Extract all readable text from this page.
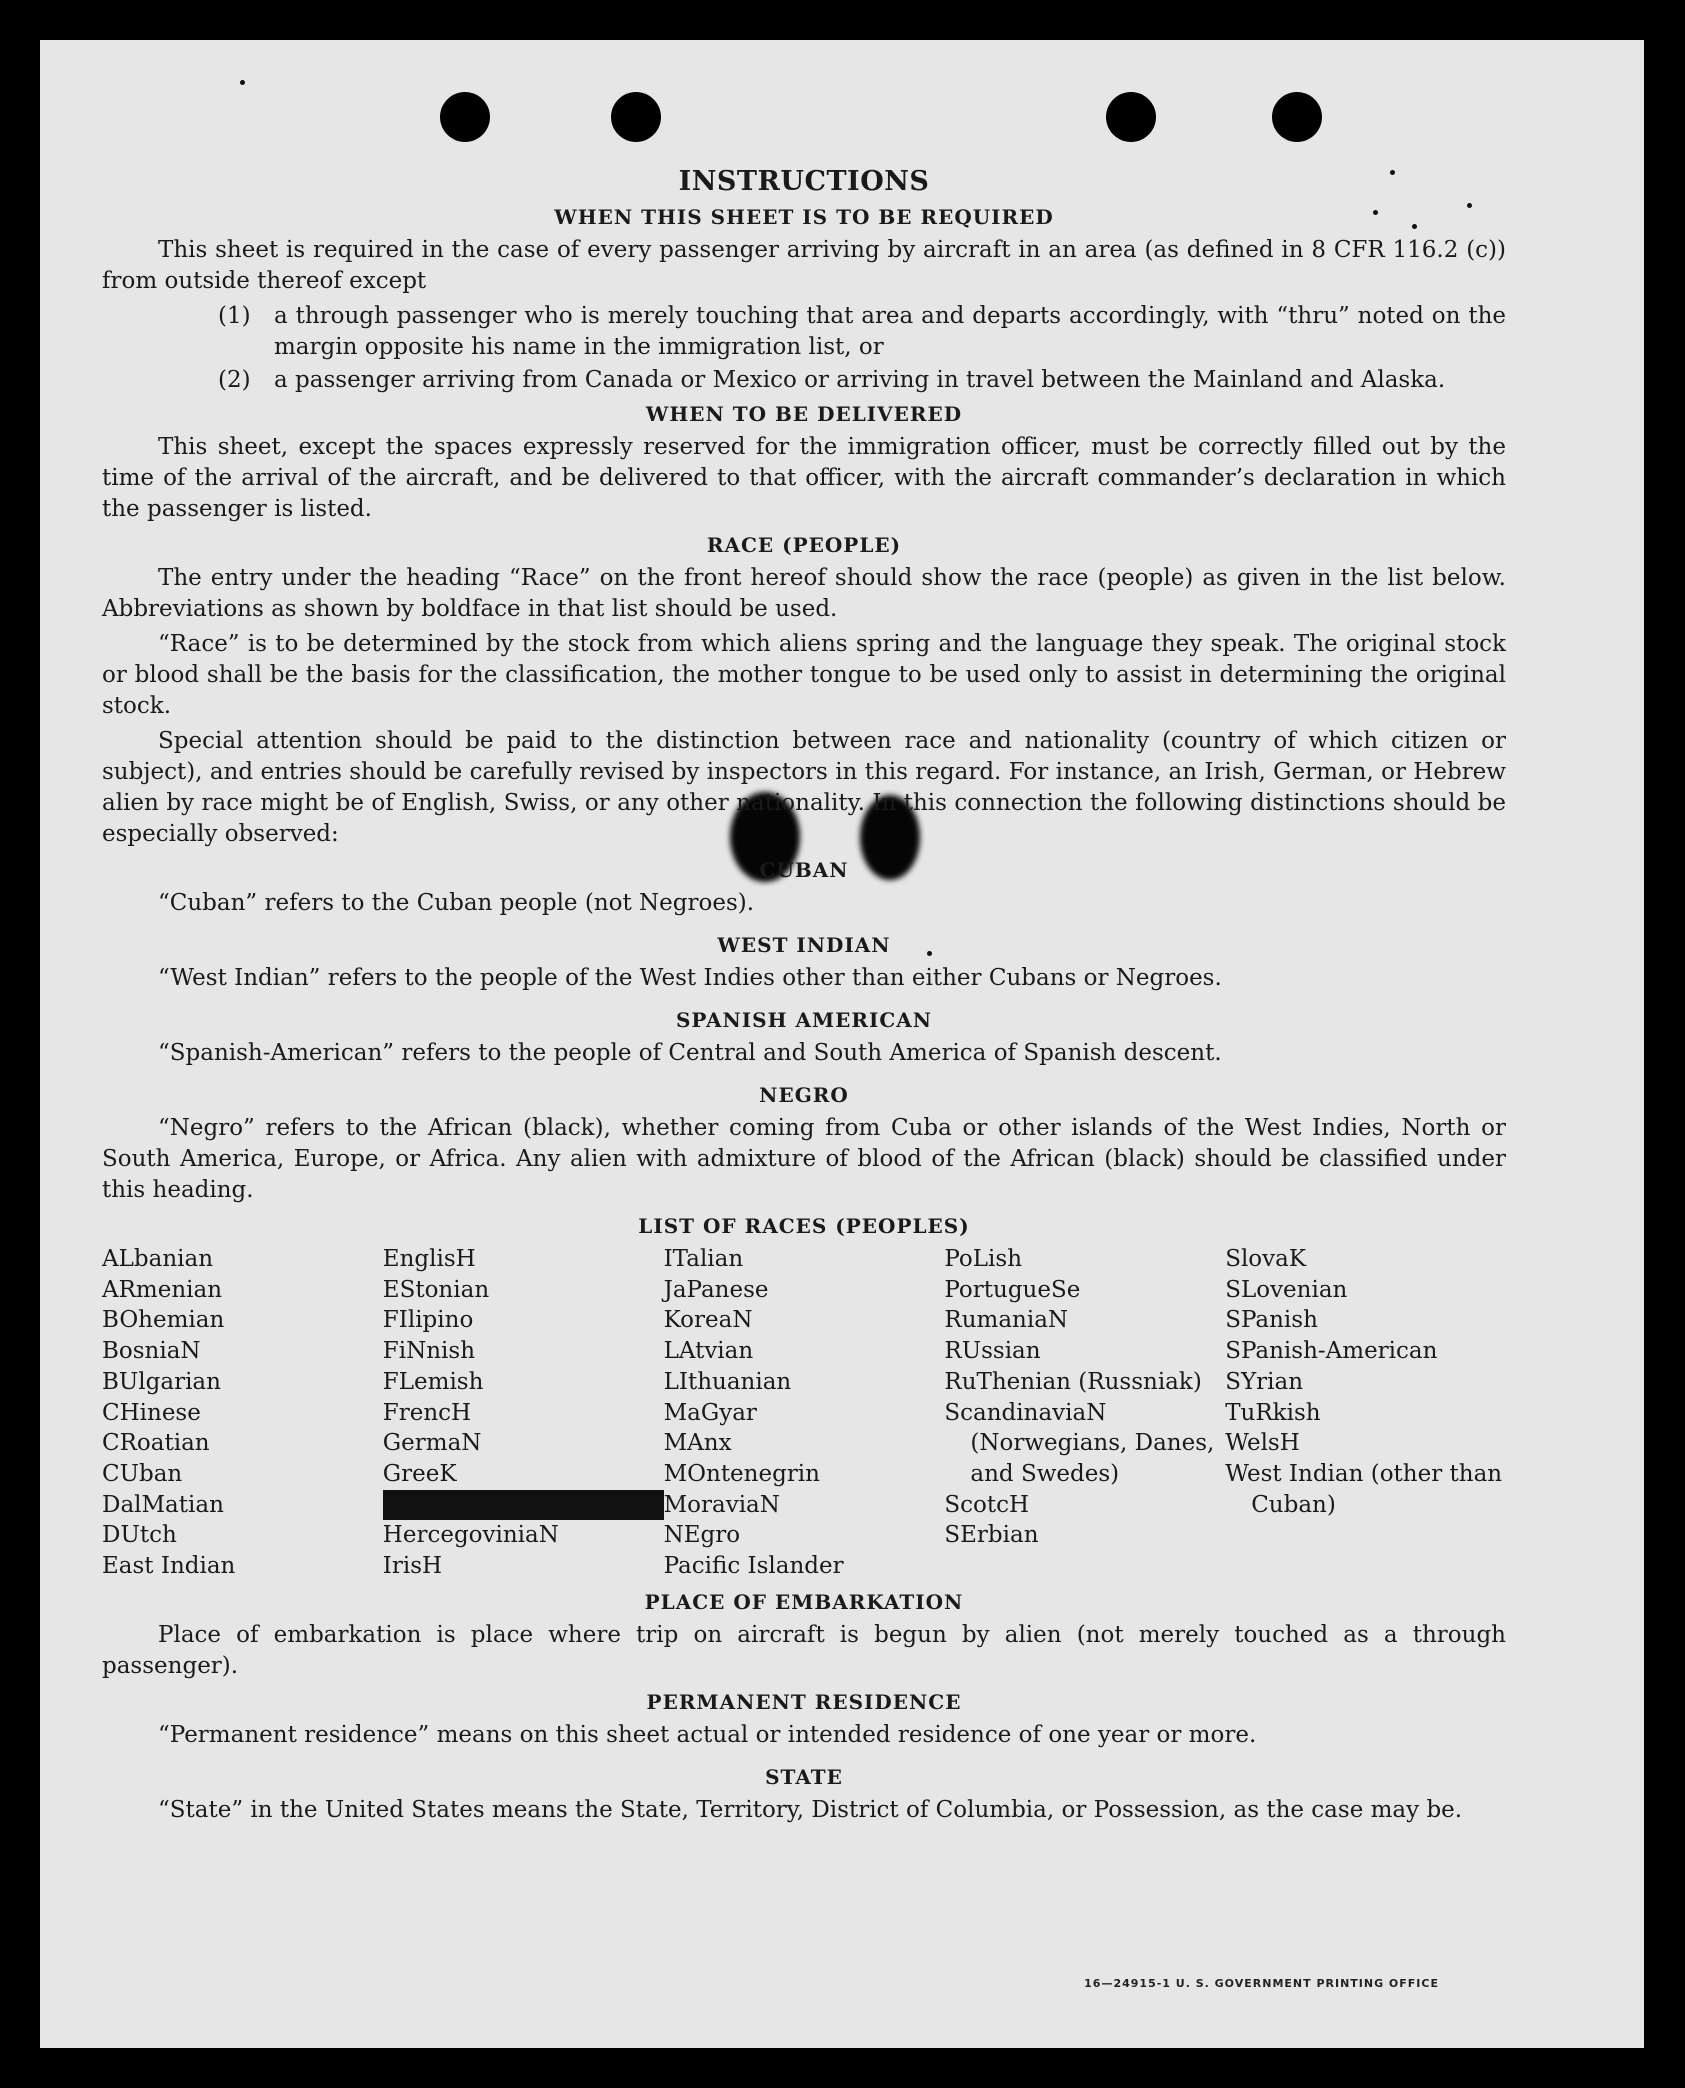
INSTRUCTIONS
WHEN THIS SHEET IS TO BE REQUIRED

This sheet is required in the case of every passenger arriving by aircraft in an area (as defined in 8 CFR 116.2 (c)) from outside thereof except

(1)	a through passenger who is merely touching that area and departs accordingly, with “thru” noted on the margin opposite his name in the immigration list, or
(2)	a passenger arriving from Canada or Mexico or arriving in travel between the Mainland and Alaska.
WHEN TO BE DELIVERED

This sheet, except the spaces expressly reserved for the immigration officer, must be correctly filled out by the time of the arrival of the aircraft, and be delivered to that officer, with the aircraft commander’s declaration in which the passenger is listed.

RACE (PEOPLE)

The entry under the heading “Race” on the front hereof should show the race (people) as given in the list below. Abbreviations as shown by boldface in that list should be used.

“Race” is to be determined by the stock from which aliens spring and the language they speak. The original stock or blood shall be the basis for the classification, the mother tongue to be used only to assist in determining the original stock.

Special attention should be paid to the distinction between race and nationality (country of which citizen or subject), and entries should be carefully revised by inspectors in this regard. For instance, an Irish, German, or Hebrew alien by race might be of English, Swiss, or any other nationality. In this connection the following distinctions should be especially observed:

CUBAN

“Cuban” refers to the Cuban people (not Negroes).

WEST INDIAN

“West Indian” refers to the people of the West Indies other than either Cubans or Negroes.

SPANISH AMERICAN

“Spanish-American” refers to the people of Central and South America of Spanish descent.

NEGRO

“Negro” refers to the African (black), whether coming from Cuba or other islands of the West Indies, North or South America, Europe, or Africa. Any alien with admixture of blood of the African (black) should be classified under this heading.

LIST OF RACES (PEOPLES)
ALbanian
ARmenian
BOhemian
BosniaN
BUlgarian
CHinese
CRoatian
CUban
DalMatian
DUtch
East Indian
EnglisH
EStonian
FIlipino
FiNnish
FLemish
FrencH
GermaN
GreeK
HercegoviniaN
IrisH
ITalian
JaPanese
KoreaN
LAtvian
LIthuanian
MaGyar
MAnx
MOntenegrin
MoraviaN
NEgro
Pacific Islander
PoLish
PortugueSe
RumaniaN
RUssian
RuThenian (Russniak)
ScandinaviaN (Norwegians, Danes, and Swedes)
ScotcH
SErbian
SlovaK
SLovenian
SPanish
SPanish-American
SYrian
TuRkish
WelsH
West Indian (other than Cuban)
PLACE OF EMBARKATION

Place of embarkation is place where trip on aircraft is begun by alien (not merely touched as a through passenger).

PERMANENT RESIDENCE

“Permanent residence” means on this sheet actual or intended residence of one year or more.

STATE

“State” in the United States means the State, Territory, District of Columbia, or Possession, as the case may be.

16—24915-1 U. S. GOVERNMENT PRINTING OFFICE
